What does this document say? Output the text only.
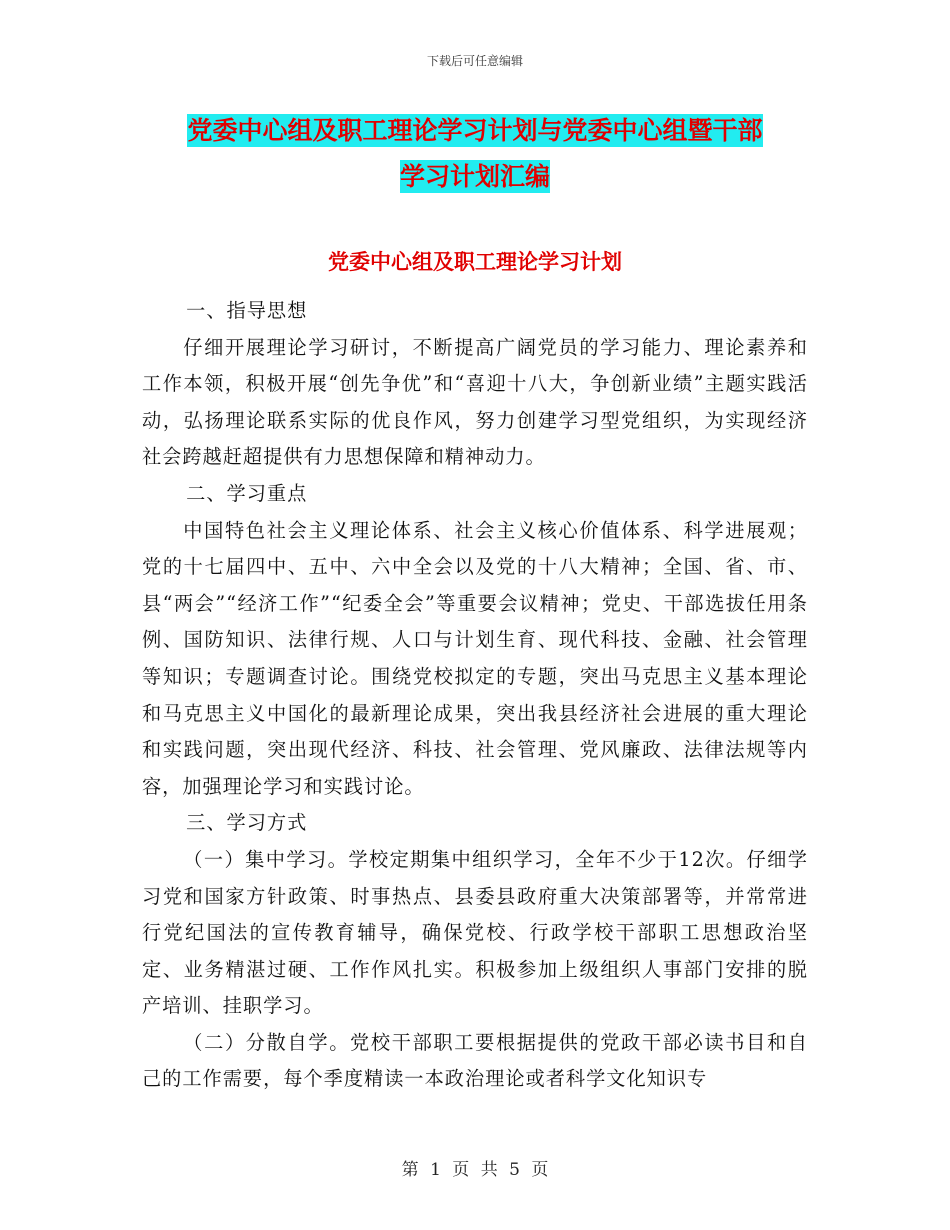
下载后可任意编辑
党委中心组及职工理论学习计划与党委中心组暨干部
学习计划汇编
党委中心组及职工理论学习计划

一、指导思想

仔细开展理论学习研讨，不断提高广阔党员的学习能力、理论素养和工作本领，积极开展“创先争优”和“喜迎十八大，争创新业绩”主题实践活动，弘扬理论联系实际的优良作风，努力创建学习型党组织，为实现经济社会跨越赶超提供有力思想保障和精神动力。

二、学习重点

中国特色社会主义理论体系、社会主义核心价值体系、科学进展观；党的十七届四中、五中、六中全会以及党的十八大精神；全国、省、市、县“两会”“经济工作”“纪委全会”等重要会议精神；党史、干部选拔任用条例、国防知识、法律行规、人口与计划生育、现代科技、金融、社会管理等知识；专题调查讨论。围绕党校拟定的专题，突出马克思主义基本理论和马克思主义中国化的最新理论成果，突出我县经济社会进展的重大理论和实践问题，突出现代经济、科技、社会管理、党风廉政、法律法规等内容，加强理论学习和实践讨论。

三、学习方式

（一）集中学习。学校定期集中组织学习，全年不少于12次。仔细学习党和国家方针政策、时事热点、县委县政府重大决策部署等，并常常进行党纪国法的宣传教育辅导，确保党校、行政学校干部职工思想政治坚定、业务精湛过硬、工作作风扎实。积极参加上级组织人事部门安排的脱产培训、挂职学习。

（二）分散自学。党校干部职工要根据提供的党政干部必读书目和自己的工作需要，每个季度精读一本政治理论或者科学文化知识专

第 1 页 共 5 页
